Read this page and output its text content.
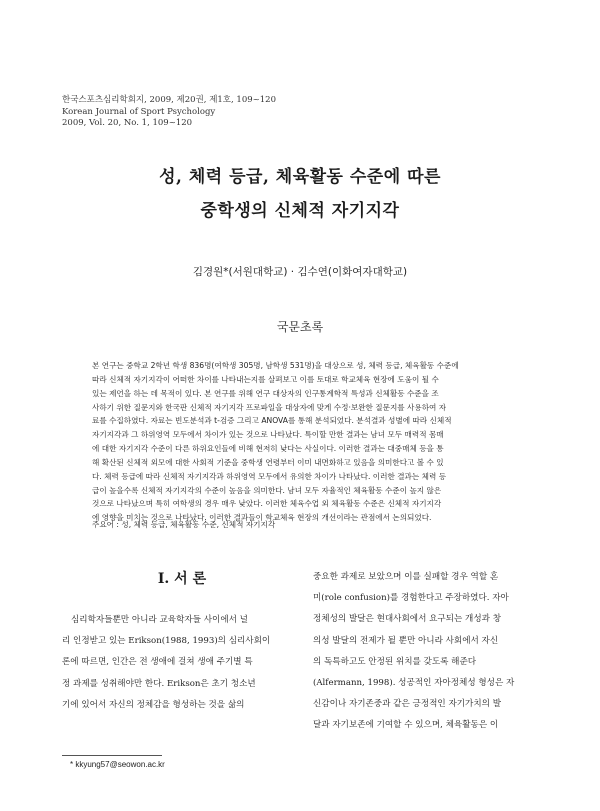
한국스포츠심리학회지, 2009, 제20권, 제1호, 109~120
Korean Journal of Sport Psychology
2009, Vol. 20, No. 1, 109~120
성, 체력 등급, 체육활동 수준에 따른
중학생의 신체적 자기지각
김경원*(서원대학교) · 김수연(이화여자대학교)
국문초록
본 연구는 중학교 2학년 학생 836명(여학생 305명, 남학생 531명)을 대상으로 성, 체력 등급, 체육활동 수준에
따라 신체적 자기지각이 어떠한 차이를 나타내는지를 살펴보고 이를 토대로 학교체육 현장에 도움이 될 수
있는 제언을 하는 데 목적이 있다. 본 연구를 위해 연구 대상자의 인구통계학적 특성과 신체활동 수준을 조
사하기 위한 질문지와 한국판 신체적 자기지각 프로파일을 대상자에 맞게 수정·보완한 질문지를 사용하여 자
료를 수집하였다. 자료는 빈도분석과 t-검증 그리고 ANOVA를 통해 분석되었다. 분석결과 성별에 따라 신체적
자기지각과 그 하위영역 모두에서 차이가 있는 것으로 나타났다. 특이할 만한 결과는 남녀 모두 매력적 몸매
에 대한 자기지각 수준이 다른 하위요인들에 비해 현저히 낮다는 사실이다. 이러한 결과는 대중매체 등을 통
해 확산된 신체적 외모에 대한 사회적 기준을 중학생 연령부터 이미 내면화하고 있음을 의미한다고 볼 수 있
다. 체력 등급에 따라 신체적 자기지각과 하위영역 모두에서 유의한 차이가 나타났다. 이러한 결과는 체력 등
급이 높을수록 신체적 자기지각의 수준이 높음을 의미한다. 남녀 모두 자율적인 체육활동 수준이 높지 않은
것으로 나타났으며 특히 여학생의 경우 매우 낮았다. 이러한 체육수업 외 체육활동 수준은 신체적 자기지각
에 영향을 미치는 것으로 나타났다. 이러한 결과들이 학교체육 현장의 개선이라는 관점에서 논의되었다.
주요어 : 성, 체력 등급, 체육활동 수준, 신체적 자기지각
Ⅰ. 서 론
심리학자들뿐만 아니라 교육학자들 사이에서 널
리 인정받고 있는 Erikson(1988, 1993)의 심리사회이
론에 따르면, 인간은 전 생애에 걸쳐 생애 주기별 특
정 과제를 성취해야만 한다. Erikson은 초기 청소년
기에 있어서 자신의 정체감을 형성하는 것을 삶의
중요한 과제로 보았으며 이를 실패할 경우 역할 혼
미(role confusion)를 경험한다고 주장하였다. 자아
정체성의 발달은 현대사회에서 요구되는 개성과 창
의성 발달의 전제가 될 뿐만 아니라 사회에서 자신
의 독특하고도 안정된 위치를 갖도록 해준다
(Alfermann, 1998). 성공적인 자아정체성 형성은 자
신감이나 자기존중과 같은 긍정적인 자기가치의 발
달과 자기보존에 기여할 수 있으며, 체육활동은 이
* kkyung57@seowon.ac.kr
